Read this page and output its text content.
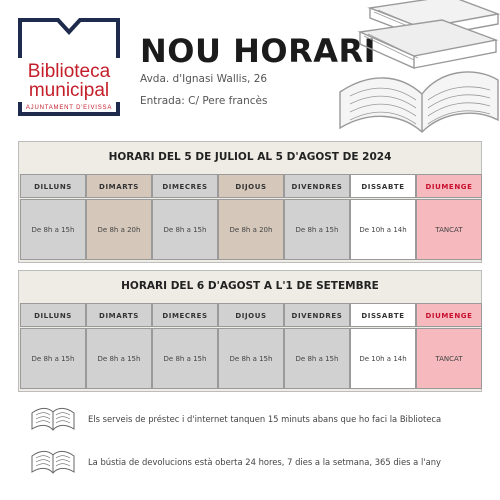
Biblioteca
municipal
AJUNTAMENT D'EIVISSA
NOU HORARI
Avda. d'Ignasi Wallis, 26
Entrada: C/ Pere francès
HORARI DEL 5 DE JULIOL AL 5 D'AGOST DE 2024
DILLUNS	DIMARTS	DIMECRES	DIJOUS	DIVENDRES	DISSABTE	DIUMENGE
De 8h a 15h	De 8h a 20h	De 8h a 15h	De 8h a 20h	De 8h a 15h	De 10h a 14h	TANCAT
HORARI DEL 6 D'AGOST A L'1 DE SETEMBRE
DILLUNS	DIMARTS	DIMECRES	DIJOUS	DIVENDRES	DISSABTE	DIUMENGE
De 8h a 15h	De 8h a 15h	De 8h a 15h	De 8h a 15h	De 8h a 15h	De 10h a 14h	TANCAT
Els serveis de préstec i d'internet tanquen 15 minuts abans que ho faci la Biblioteca
La bústia de devolucions està oberta 24 hores, 7 dies a la setmana, 365 dies a l'any
